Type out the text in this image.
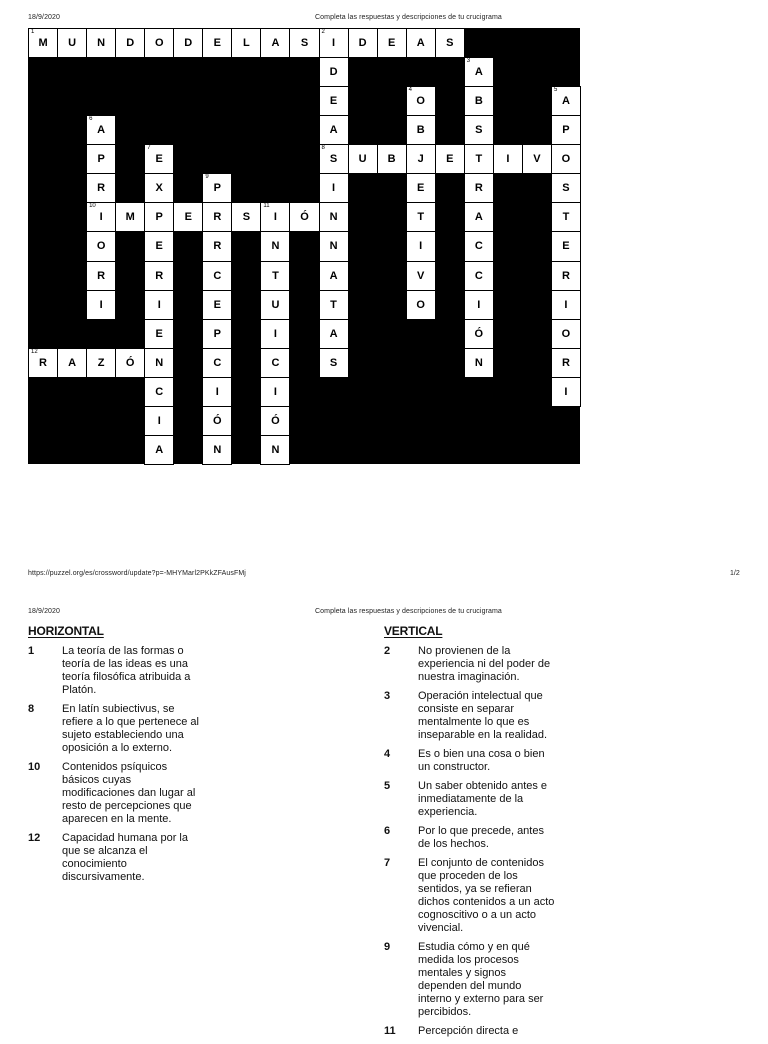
18/9/2020	Completa las respuestas y descripciones de tu crucigrama
M
1
U N D O D E L A S I
2
D E A S
D
E
A
S
8
I
N
N
A
T
A
S
A
3
B
S
T
R
A
C
C
I
Ó
N
O
4
B
J
E
T
I
V
O
A
5
P
O
S
T
E
R
I
O
R
I
A
6
P
R
I
10
O
R
I
E
7
X
P
E
R
I
E
N
C
I
A
U B	E	I V
P
9
R
R
C
E
P
C
I
Ó
N
M	E	S I
11
Ó
N
T
U
I
C
I
Ó
N
R
12
A Z Ó
https://puzzel.org/es/crossword/update?p=-MHYMarl2PKkZFAusFMj	1/2
18/9/2020	Completa las respuestas y descripciones de tu crucigrama
HORIZONTAL
1	La teoría de las formas o teoría de las ideas es una teoría filosófica atribuida a Platón.
8	En latín subiectivus, se refiere a lo que pertenece al sujeto estableciendo una oposición a lo externo.
10	Contenidos psíquicos básicos cuyas modificaciones dan lugar al resto de percepciones que aparecen en la mente.
12	Capacidad humana por la que se alcanza el conocimiento discursivamente.
VERTICAL
2	No provienen de la experiencia ni del poder de nuestra imaginación.
3	Operación intelectual que consiste en separar mentalmente lo que es inseparable en la realidad.
4	Es o bien una cosa o bien un constructor.
5	Un saber obtenido antes e inmediatamente de la experiencia.
6	Por lo que precede, antes de los hechos.
7	El conjunto de contenidos que proceden de los sentidos, ya se refieran dichos contenidos a un acto cognoscitivo o a un acto vivencial.
9	Estudia cómo y en qué medida los procesos mentales y signos dependen del mundo interno y externo para ser percibidos.
11	Percepción directa e
